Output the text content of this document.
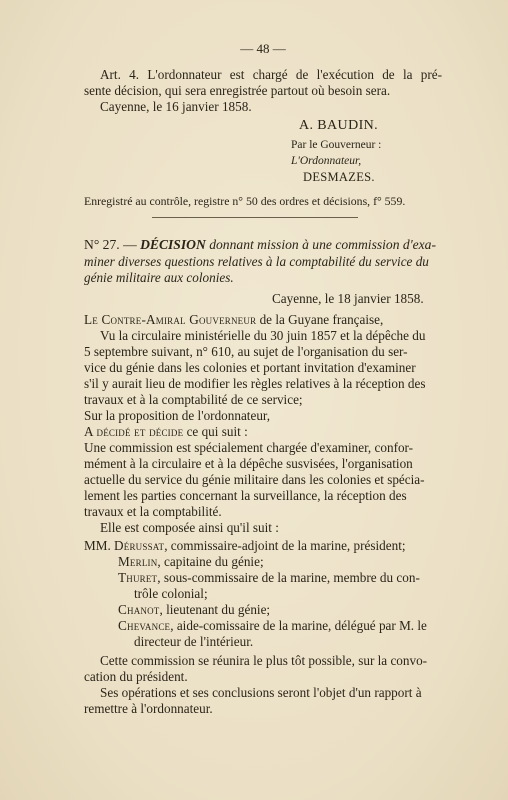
— 48 —
Art. 4. L'ordonnateur est chargé de l'exécution de la pré-
sente décision, qui sera enregistrée partout où besoin sera.
Cayenne, le 16 janvier 1858.
A. BAUDIN.
Par le Gouverneur :
L'Ordonnateur,
DESMAZES.
Enregistré au contrôle, registre n° 50 des ordres et décisions, f° 559.
N° 27. — DÉCISION donnant mission à une commission d'exa-
miner diverses questions relatives à la comptabilité du service du
génie militaire aux colonies.
Cayenne, le 18 janvier 1858.
Le Contre-Amiral Gouverneur de la Guyane française,
Vu la circulaire ministérielle du 30 juin 1857 et la dépêche du
5 septembre suivant, n° 610, au sujet de l'organisation du ser-
vice du génie dans les colonies et portant invitation d'examiner
s'il y aurait lieu de modifier les règles relatives à la réception des
travaux et à la comptabilité de ce service;
Sur la proposition de l'ordonnateur,
A décidé et décide ce qui suit :
Une commission est spécialement chargée d'examiner, confor-
mément à la circulaire et à la dépêche susvisées, l'organisation
actuelle du service du génie militaire dans les colonies et spécia-
lement les parties concernant la surveillance, la réception des
travaux et la comptabilité.
Elle est composée ainsi qu'il suit :
MM. Dérussat, commissaire-adjoint de la marine, président;
Merlin, capitaine du génie;
Thuret, sous-commissaire de la marine, membre du con-
trôle colonial;
Chanot, lieutenant du génie;
Chevance, aide-comissaire de la marine, délégué par M. le
directeur de l'intérieur.
Cette commission se réunira le plus tôt possible, sur la convo-
cation du président.
Ses opérations et ses conclusions seront l'objet d'un rapport à
remettre à l'ordonnateur.
